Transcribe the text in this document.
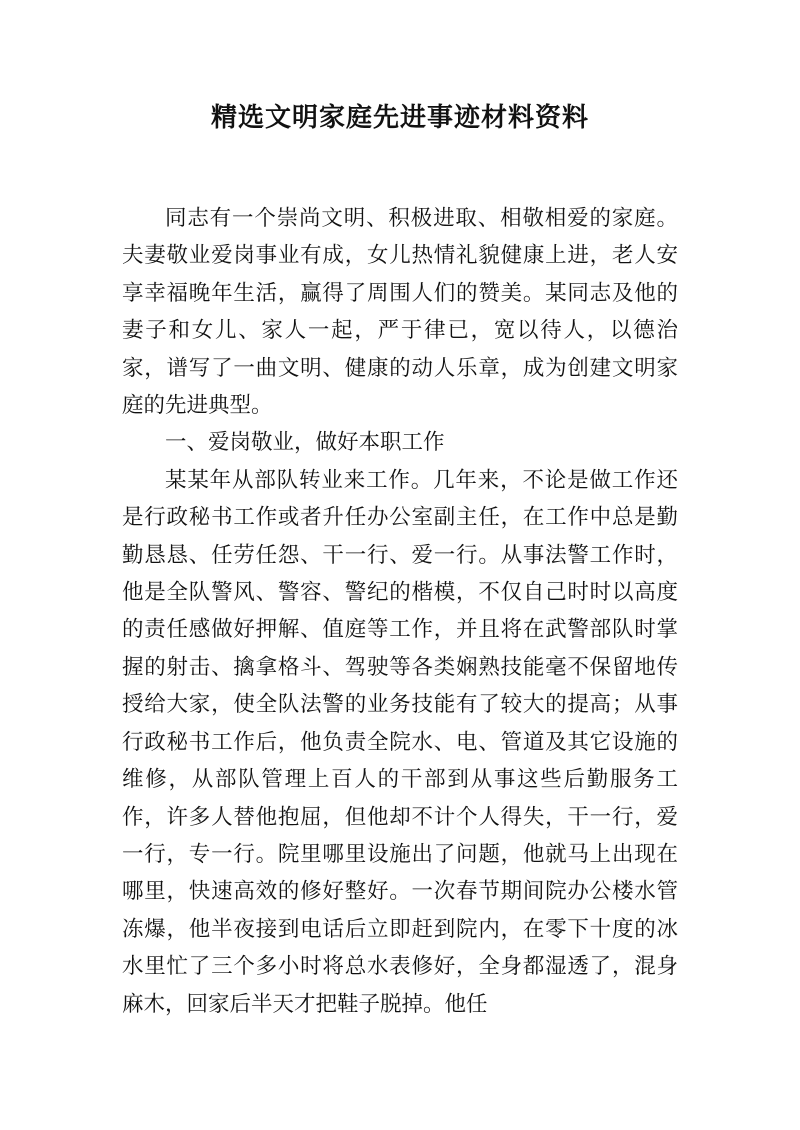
精选文明家庭先进事迹材料资料

同志有一个崇尚文明、积极进取、相敬相爱的家庭。夫妻敬业爱岗事业有成，女儿热情礼貌健康上进，老人安享幸福晚年生活，赢得了周围人们的赞美。某同志及他的妻子和女儿、家人一起，严于律已，宽以待人，以德治家，谱写了一曲文明、健康的动人乐章，成为创建文明家庭的先进典型。

一、爱岗敬业，做好本职工作

某某年从部队转业来工作。几年来，不论是做工作还是行政秘书工作或者升任办公室副主任，在工作中总是勤勤恳恳、任劳任怨、干一行、爱一行。从事法警工作时，他是全队警风、警容、警纪的楷模，不仅自己时时以高度的责任感做好押解、值庭等工作，并且将在武警部队时掌握的射击、擒拿格斗、驾驶等各类娴熟技能毫不保留地传授给大家，使全队法警的业务技能有了较大的提高；从事行政秘书工作后，他负责全院水、电、管道及其它设施的维修，从部队管理上百人的干部到从事这些后勤服务工作，许多人替他抱屈，但他却不计个人得失，干一行，爱一行，专一行。院里哪里设施出了问题，他就马上出现在哪里，快速高效的修好整好。一次春节期间院办公楼水管冻爆，他半夜接到电话后立即赶到院内，在零下十度的冰水里忙了三个多小时将总水表修好，全身都湿透了，混身麻木，回家后半天才把鞋子脱掉。他任
